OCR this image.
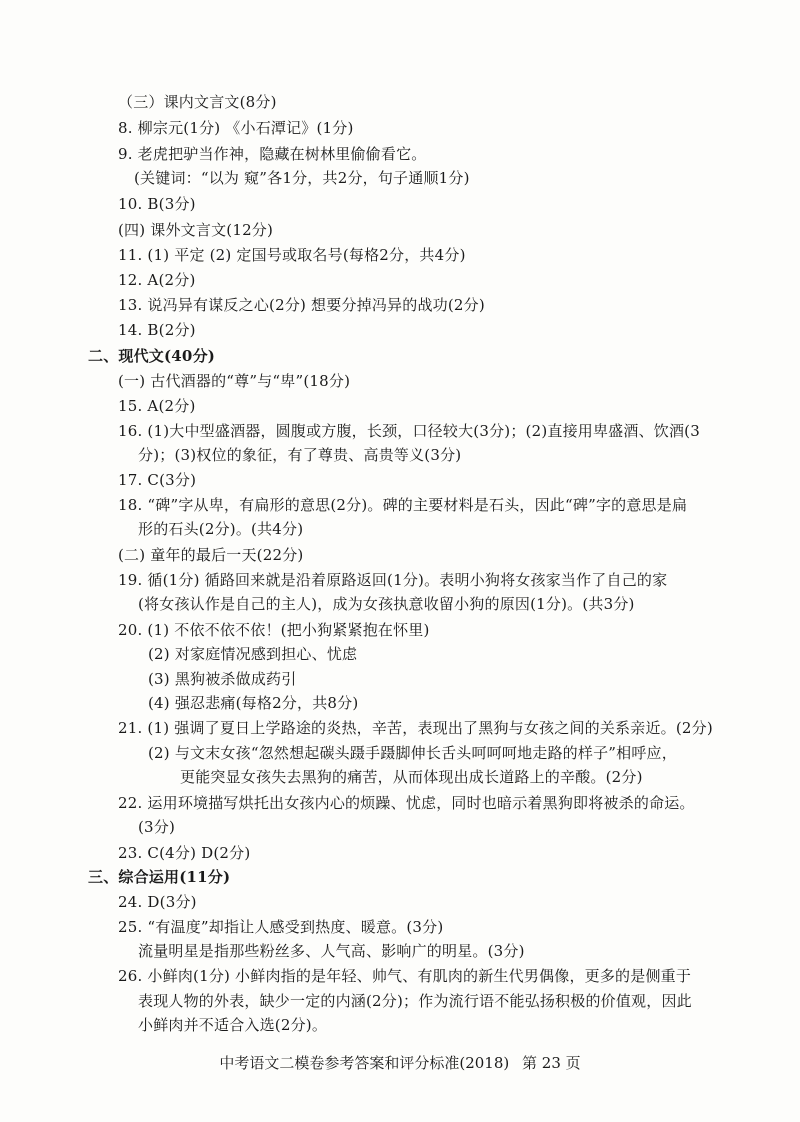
（三）课内文言文(8分)
8. 柳宗元(1分) 《小石潭记》(1分)
9. 老虎把驴当作神，隐藏在树林里偷偷看它。
(关键词：“以为 窥”各1分，共2分，句子通顺1分)
10. B(3分)
(四) 课外文言文(12分)
11. (1) 平定 (2) 定国号或取名号(每格2分，共4分)
12. A(2分)
13. 说冯异有谋反之心(2分) 想要分掉冯异的战功(2分)
14. B(2分)
二、现代文(40分)
(一) 古代酒器的“尊”与“卑”(18分)
15. A(2分)
16. (1)大中型盛酒器，圆腹或方腹，长颈，口径较大(3分)；(2)直接用卑盛酒、饮酒(3
分)；(3)权位的象征，有了尊贵、高贵等义(3分)
17. C(3分)
18. “碑”字从卑，有扁形的意思(2分)。碑的主要材料是石头，因此“碑”字的意思是扁
形的石头(2分)。(共4分)
(二) 童年的最后一天(22分)
19. 循(1分) 循路回来就是沿着原路返回(1分)。表明小狗将女孩家当作了自己的家
(将女孩认作是自己的主人)，成为女孩执意收留小狗的原因(1分)。(共3分)
20. (1) 不依不依不依！(把小狗紧紧抱在怀里)
(2) 对家庭情况感到担心、忧虑
(3) 黑狗被杀做成药引
(4) 强忍悲痛(每格2分，共8分)
21. (1) 强调了夏日上学路途的炎热，辛苦，表现出了黑狗与女孩之间的关系亲近。(2分)
(2) 与文末女孩“忽然想起碳头蹑手蹑脚伸长舌头呵呵呵地走路的样子”相呼应，
更能突显女孩失去黑狗的痛苦，从而体现出成长道路上的辛酸。(2分)
22. 运用环境描写烘托出女孩内心的烦躁、忧虑，同时也暗示着黑狗即将被杀的命运。
(3分)
23. C(4分) D(2分)
三、综合运用(11分)
24. D(3分)
25. “有温度”却指让人感受到热度、暖意。(3分)
流量明星是指那些粉丝多、人气高、影响广的明星。(3分)
26. 小鲜肉(1分) 小鲜肉指的是年轻、帅气、有肌肉的新生代男偶像，更多的是侧重于
表现人物的外表，缺少一定的内涵(2分)；作为流行语不能弘扬积极的价值观，因此
小鲜肉并不适合入选(2分)。
中考语文二模卷参考答案和评分标准(2018) 第 23 页
